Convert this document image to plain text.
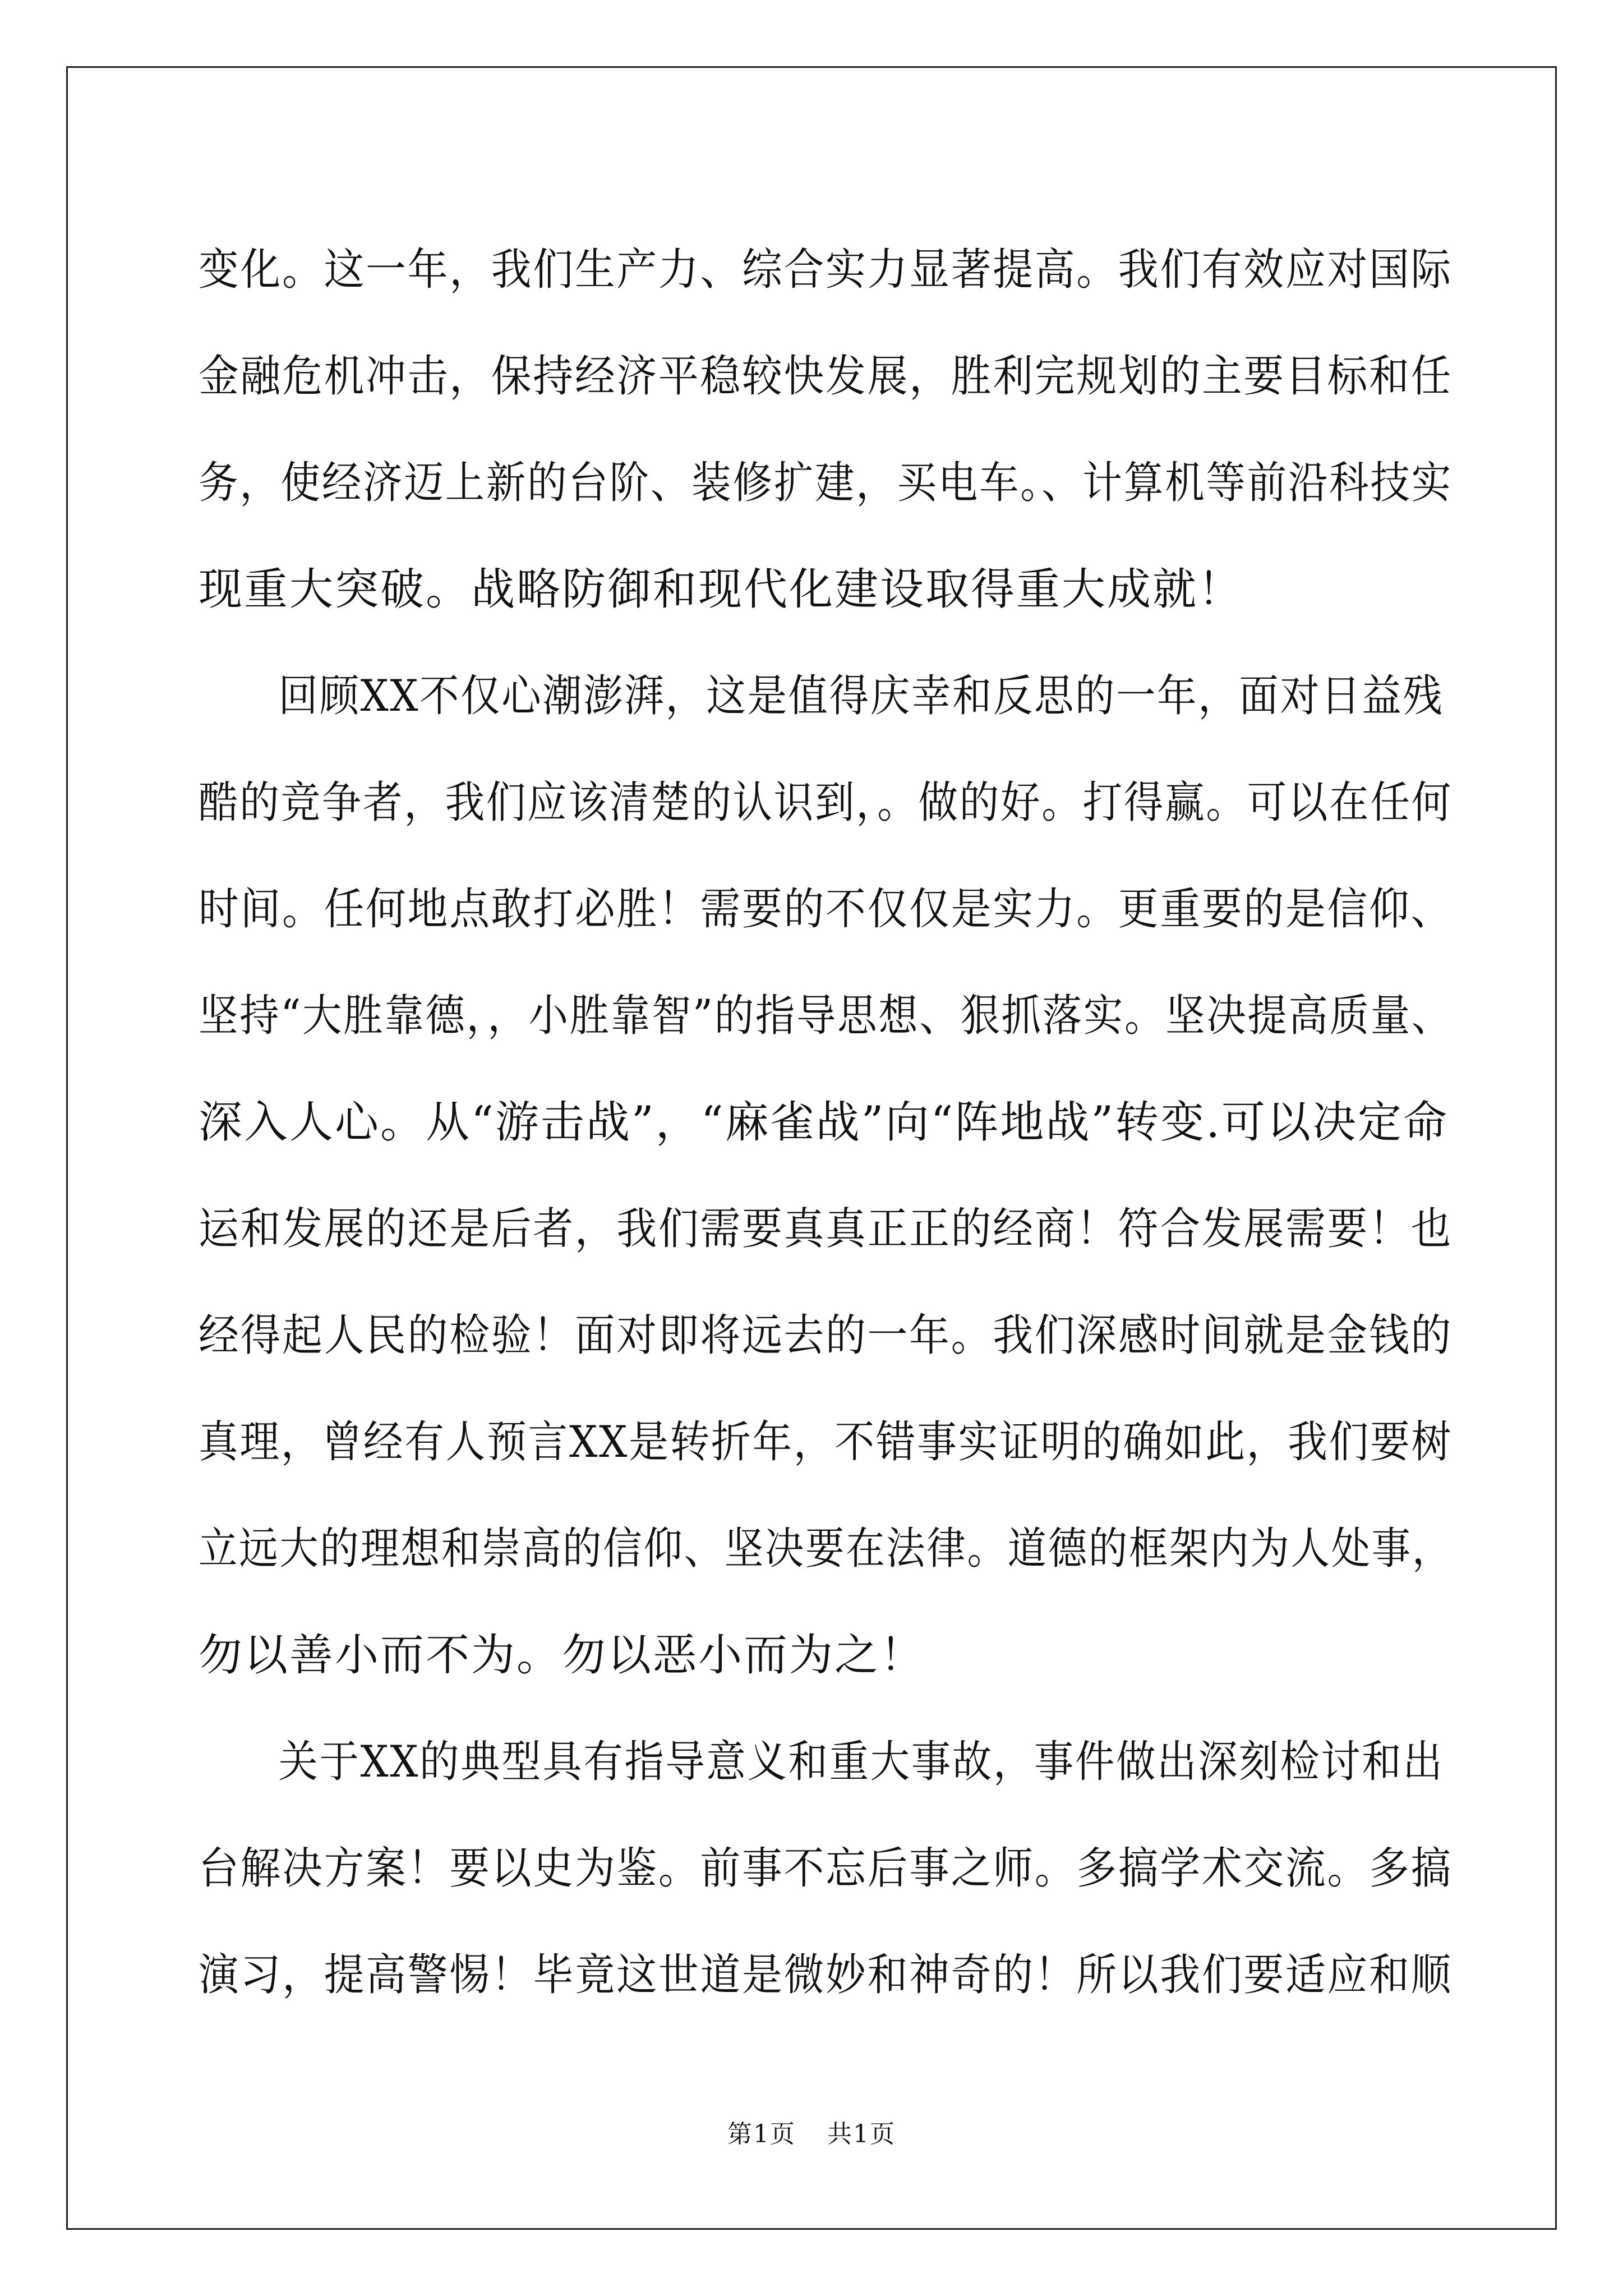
变化。这一年，我们生产力、综合实力显著提高。我们有效应对国际
金融危机冲击，保持经济平稳较快发展，胜利完规划的主要目标和任
务，使经济迈上新的台阶、装修扩建，买电车。、计算机等前沿科技实
现重大突破。战略防御和现代化建设取得重大成就！

回顾XX不仅心潮澎湃，这是值得庆幸和反思的一年，面对日益残
酷的竞争者，我们应该清楚的认识到，。做的好。打得赢。可以在任何
时间。任何地点敢打必胜！需要的不仅仅是实力。更重要的是信仰、
坚持“大胜靠德，，小胜靠智”的指导思想、狠抓落实。坚决提高质量、
深入人心。从“游击战”，“麻雀战”向“阵地战”转变.可以决定命
运和发展的还是后者，我们需要真真正正的经商！符合发展需要！也
经得起人民的检验！面对即将远去的一年。我们深感时间就是金钱的
真理，曾经有人预言XX是转折年，不错事实证明的确如此，我们要树
立远大的理想和崇高的信仰、坚决要在法律。道德的框架内为人处事，
勿以善小而不为。勿以恶小而为之！

关于XX的典型具有指导意义和重大事故，事件做出深刻检讨和出
台解决方案！要以史为鉴。前事不忘后事之师。多搞学术交流。多搞
演习，提高警惕！毕竟这世道是微妙和神奇的！所以我们要适应和顺

第1页 共1页
